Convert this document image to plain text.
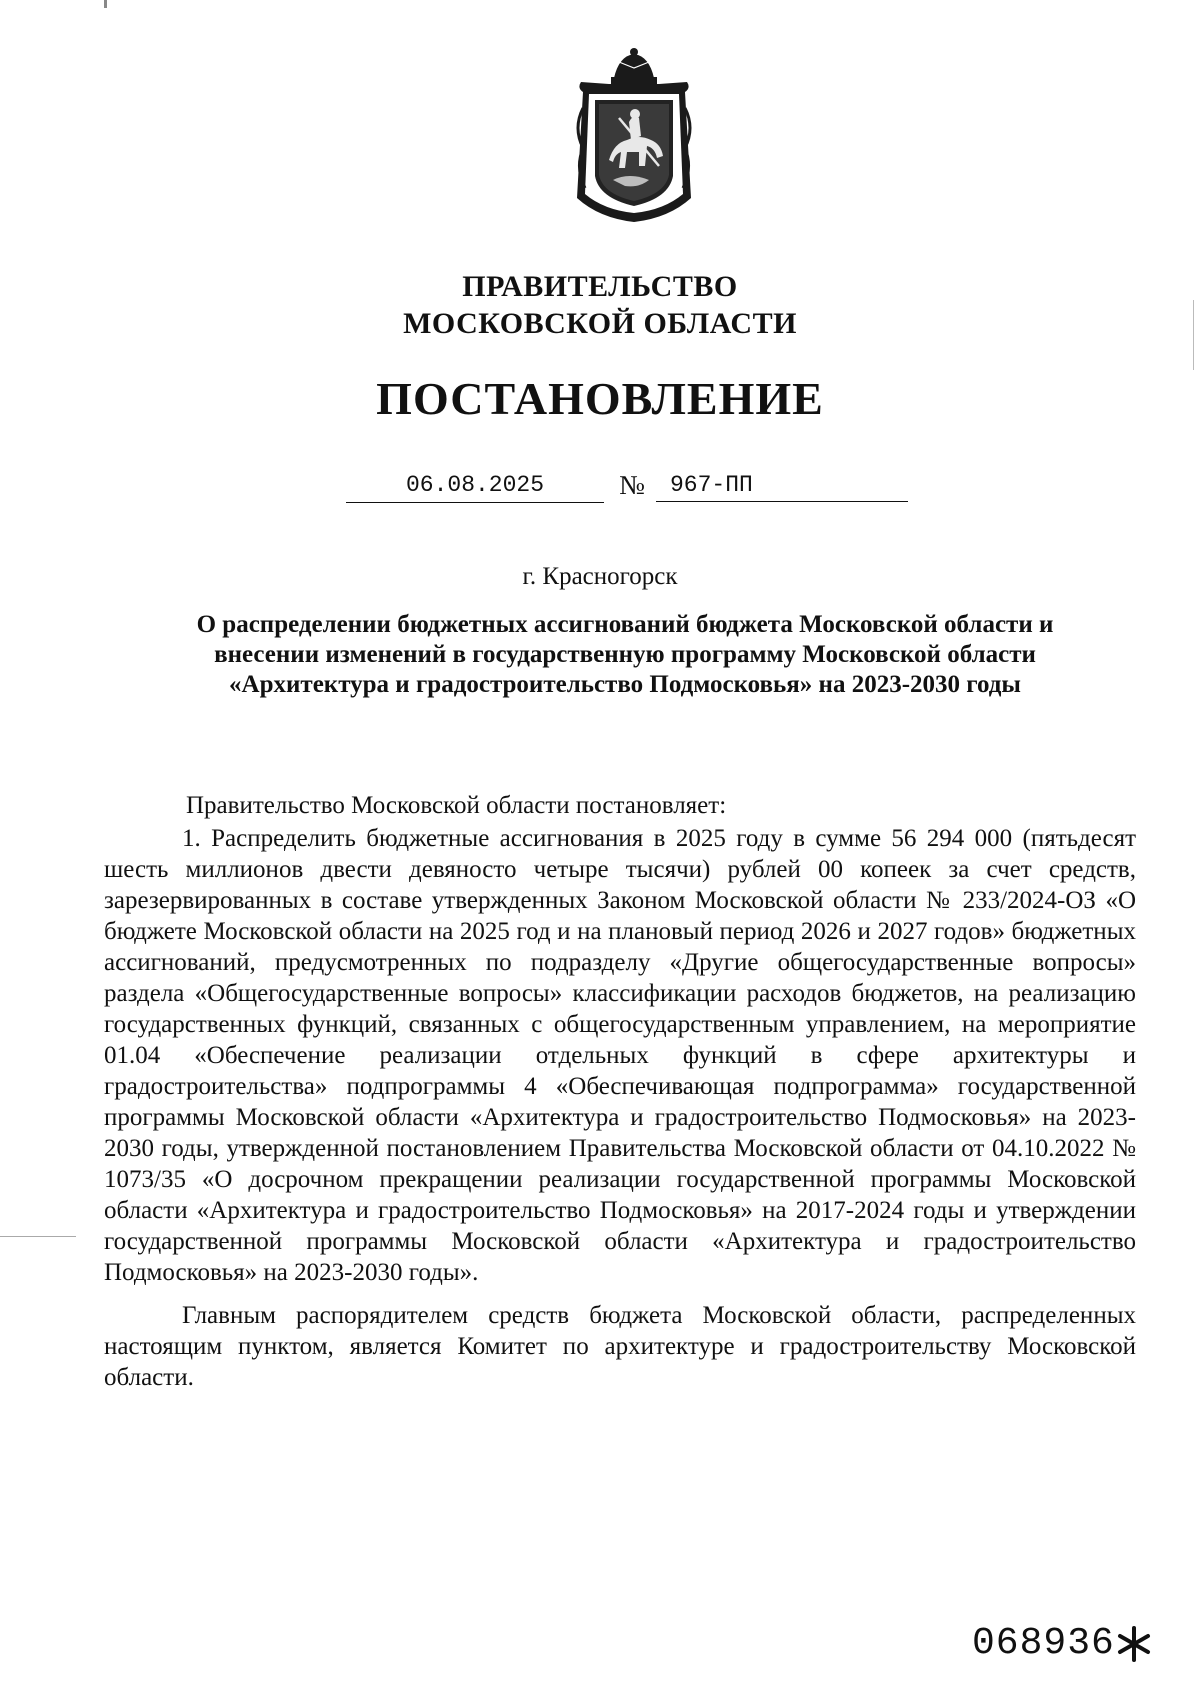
ПРАВИТЕЛЬСТВО
МОСКОВСКОЙ ОБЛАСТИ
ПОСТАНОВЛЕНИЕ
06.08.2025	№	967-ПП
г. Красногорск
О распределении бюджетных ассигнований бюджета Московской области и внесении изменений в государственную программу Московской области «Архитектура и градостроительство Подмосковья» на 2023-2030 годы

Правительство Московской области постановляет:

1. Распределить бюджетные ассигнования в 2025 году в сумме 56 294 000 (пятьдесят шесть миллионов двести девяносто четыре тысячи) рублей 00 копеек за счет средств, зарезервированных в составе утвержденных Законом Московской области № 233/2024-ОЗ «О бюджете Московской области на 2025 год и на плановый период 2026 и 2027 годов» бюджетных ассигнований, предусмотренных по подразделу «Другие общегосударственные вопросы» раздела «Общегосударственные вопросы» классификации расходов бюджетов, на реализацию государственных функций, связанных с общегосударственным управлением, на мероприятие 01.04 «Обеспечение реализации отдельных функций в сфере архитектуры и градостроительства» подпрограммы 4 «Обеспечивающая подпрограмма» государственной программы Московской области «Архитектура и градостроительство Подмосковья» на 2023-2030 годы, утвержденной постановлением Правительства Московской области от 04.10.2022 № 1073/35 «О досрочном прекращении реализации государственной программы Московской области «Архитектура и градостроительство Подмосковья» на 2017-2024 годы и утверждении государственной программы Московской области «Архитектура и градостроительство Подмосковья» на 2023-2030 годы».

Главным распорядителем средств бюджета Московской области, распределенных настоящим пунктом, является Комитет по архитектуре и градостроительству Московской области.

068936
